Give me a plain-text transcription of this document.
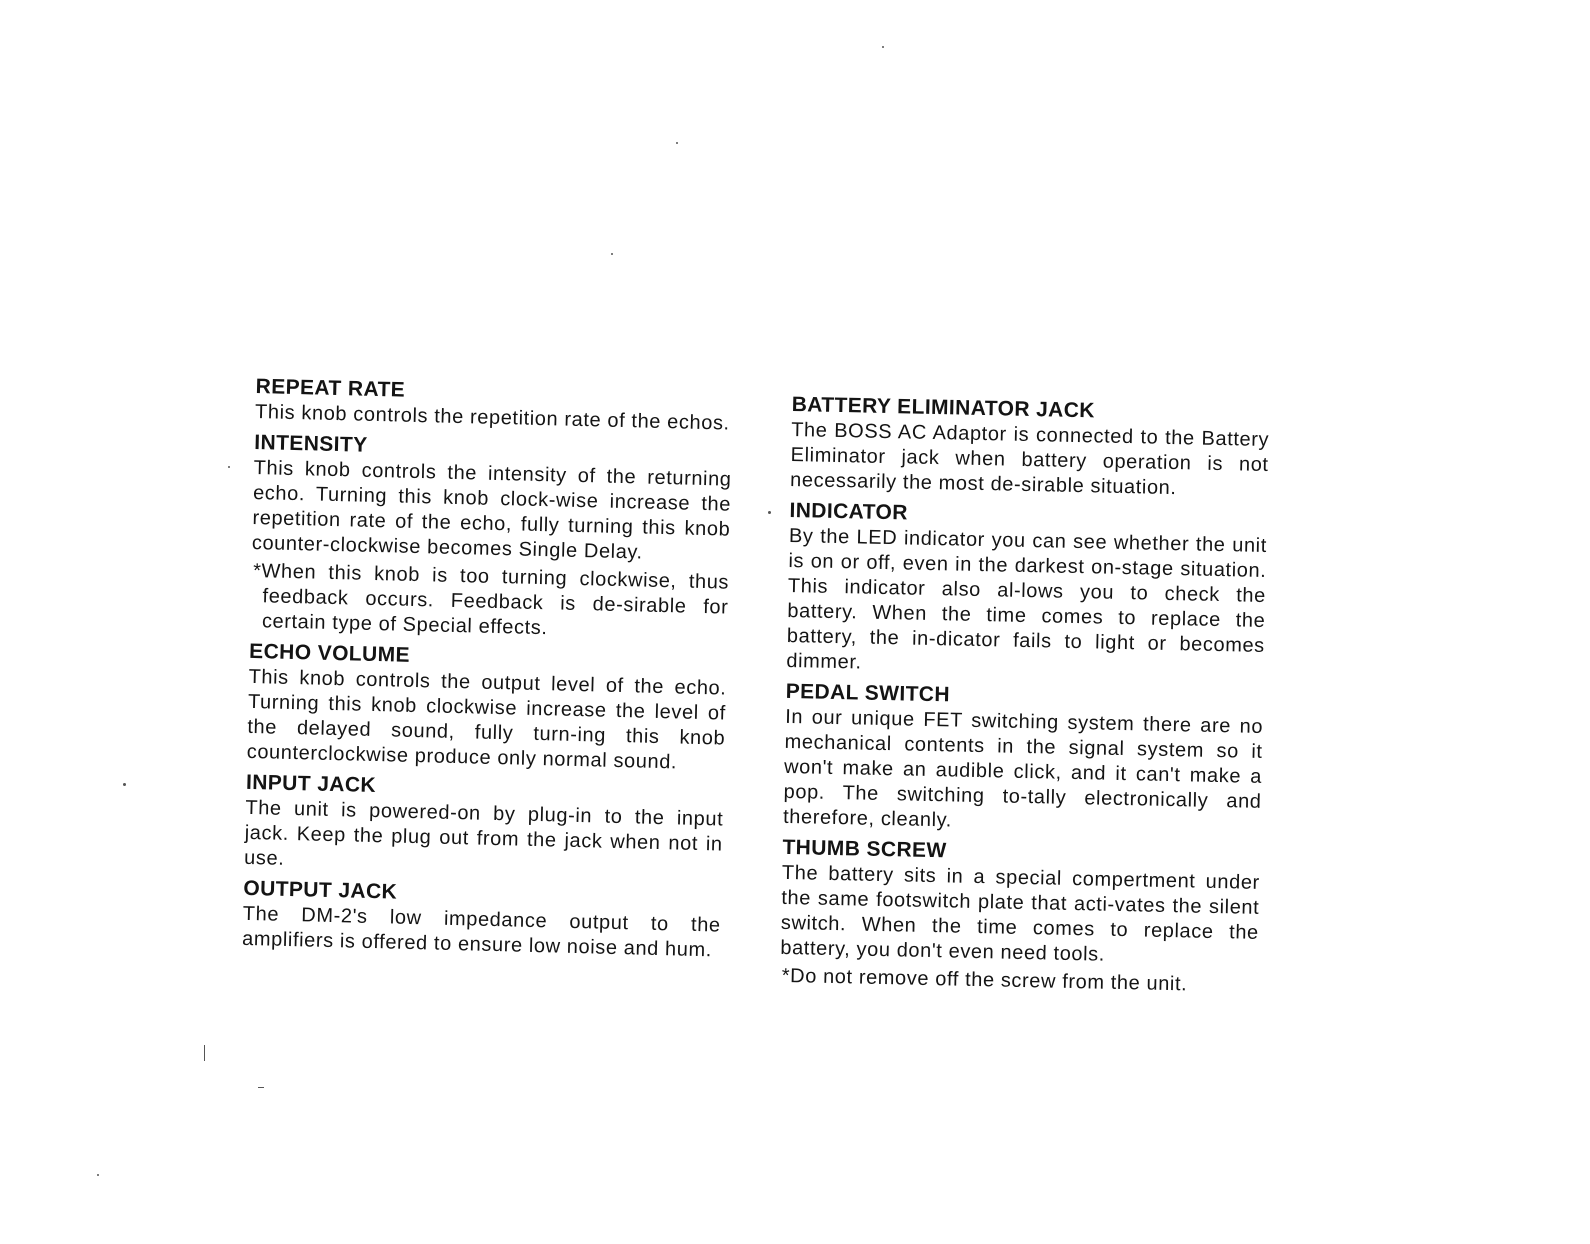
REPEAT RATE

This knob controls the repetition rate of the echos.

INTENSITY

This knob controls the intensity of the returning echo. Turning this knob clock-wise increase the repetition rate of the echo, fully turning this knob counter-clockwise becomes Single Delay.

*When this knob is too turning clockwise, thus feedback occurs. Feedback is de-sirable for certain type of Special effects.

ECHO VOLUME

This knob controls the output level of the echo. Turning this knob clockwise increase the level of the delayed sound, fully turn-ing this knob counterclockwise produce only normal sound.

INPUT JACK

The unit is powered-on by plug-in to the input jack. Keep the plug out from the jack when not in use.

OUTPUT JACK

The DM-2's low impedance output to the amplifiers is offered to ensure low noise and hum.

BATTERY ELIMINATOR JACK

The BOSS AC Adaptor is connected to the Battery Eliminator jack when battery operation is not necessarily the most de-sirable situation.

INDICATOR

By the LED indicator you can see whether the unit is on or off, even in the darkest on-stage situation. This indicator also al-lows you to check the battery. When the time comes to replace the battery, the in-dicator fails to light or becomes dimmer.

PEDAL SWITCH

In our unique FET switching system there are no mechanical contents in the signal system so it won't make an audible click, and it can't make a pop. The switching to-tally electronically and therefore, cleanly.

THUMB SCREW

The battery sits in a special compertment under the same footswitch plate that acti-vates the silent switch. When the time comes to replace the battery, you don't even need tools.

*Do not remove off the screw from the unit.
